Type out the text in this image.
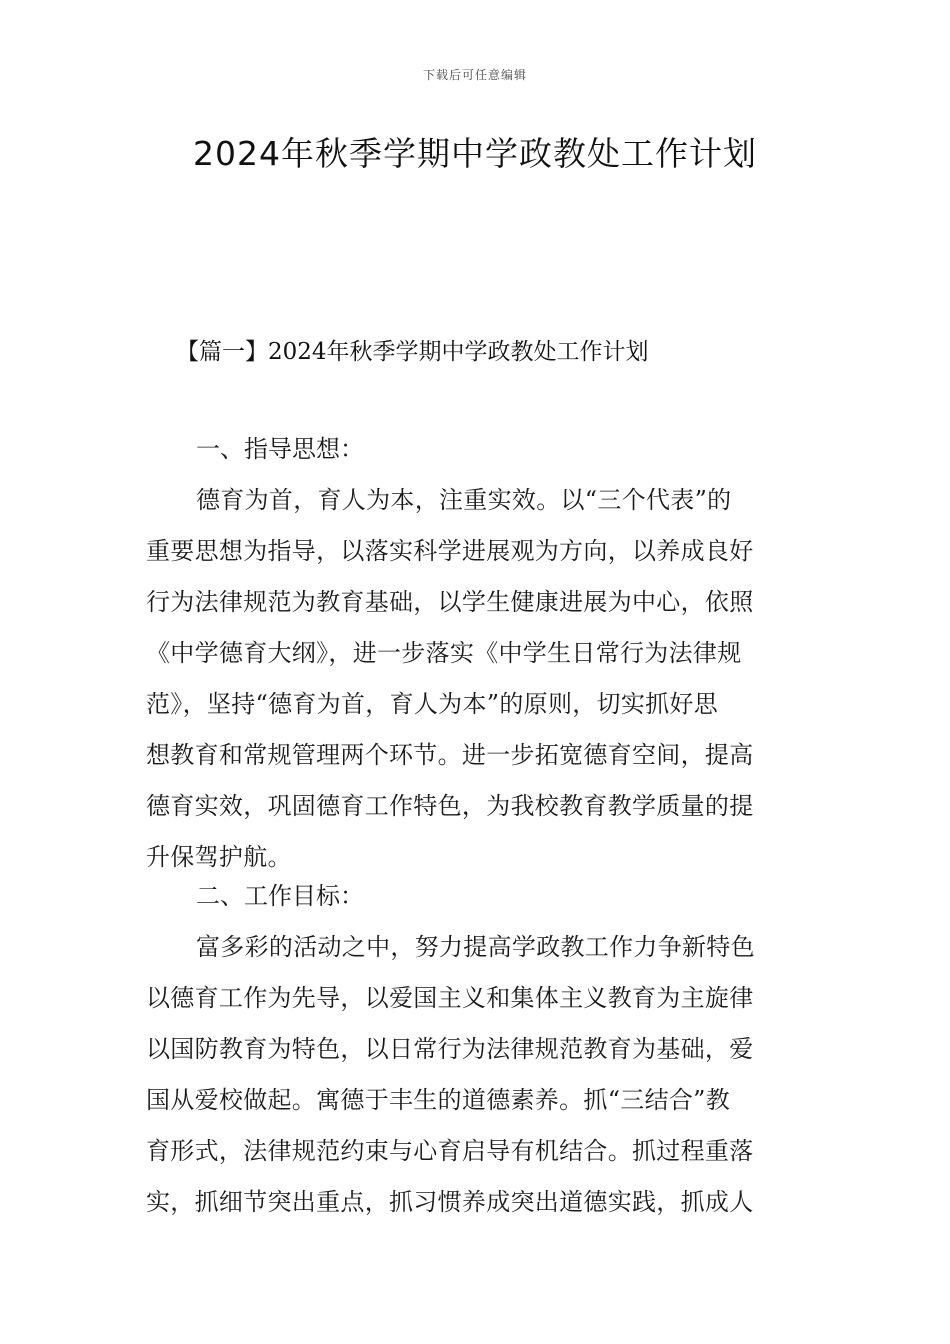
下载后可任意编辑
2024年秋季学期中学政教处工作计划
【篇一】2024年秋季学期中学政教处工作计划
一、指导思想：
德育为首，育人为本，注重实效。以“三个代表”的
重要思想为指导，以落实科学进展观为方向，以养成良好
行为法律规范为教育基础，以学生健康进展为中心，依照
《中学德育大纲》，进一步落实《中学生日常行为法律规
范》，坚持“德育为首，育人为本”的原则，切实抓好思
想教育和常规管理两个环节。进一步拓宽德育空间，提高
德育实效，巩固德育工作特色，为我校教育教学质量的提
升保驾护航。
二、工作目标：
富多彩的活动之中，努力提高学政教工作力争新特色
以德育工作为先导，以爱国主义和集体主义教育为主旋律
以国防教育为特色，以日常行为法律规范教育为基础，爱
国从爱校做起。寓德于丰生的道德素养。抓“三结合”教
育形式，法律规范约束与心育启导有机结合。抓过程重落
实，抓细节突出重点，抓习惯养成突出道德实践，抓成人
